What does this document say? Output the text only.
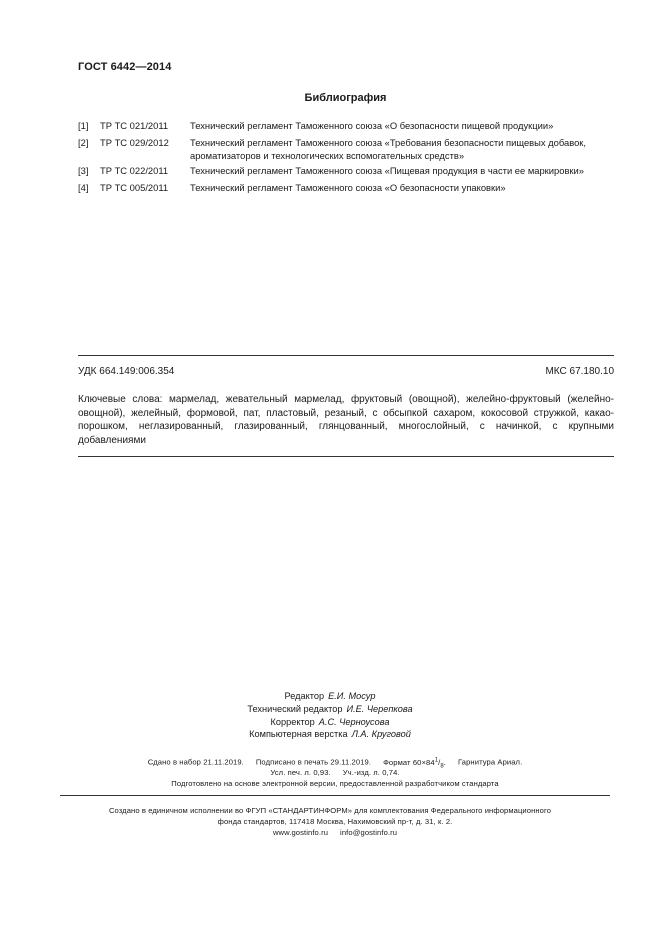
ГОСТ 6442—2014
Библиография
[1] ТР ТС 021/2011 Технический регламент Таможенного союза «О безопасности пищевой продукции»
[2] ТР ТС 029/2012 Технический регламент Таможенного союза «Требования безопасности пищевых добавок, ароматизаторов и технологических вспомогательных средств»
[3] ТР ТС 022/2011 Технический регламент Таможенного союза «Пищевая продукция в части ее маркировки»
[4] ТР ТС 005/2011 Технический регламент Таможенного союза «О безопасности упаковки»
УДК 664.149:006.354	МКС 67.180.10
Ключевые слова: мармелад, жевательный мармелад, фруктовый (овощной), желейно-фруктовый (желейно-овощной), желейный, формовой, пат, пластовый, резаный, с обсыпкой сахаром, кокосовой стружкой, какао-порошком, неглазированный, глазированный, глянцованный, многослойный, с начинкой, с крупными добавлениями
Редактор Е.И. Мосур
Технический редактор И.Е. Черепкова
Корректор А.С. Черноусова
Компьютерная верстка Л.А. Круговой
Сдано в набор 21.11.2019. Подписано в печать 29.11.2019. Формат $60\times 84^1/_8$. Гарнитура Ариал.
Усл. печ. л. 0,93. Уч.-изд. л. 0,74.
Подготовлено на основе электронной версии, предоставленной разработчиком стандарта
Создано в единичном исполнении во ФГУП «СТАНДАРТИНФОРМ» для комплектования Федерального информационного
фонда стандартов, 117418 Москва, Нахимовский пр-т, д. 31, к. 2.
www.gostinfo.ru info@gostinfo.ru
